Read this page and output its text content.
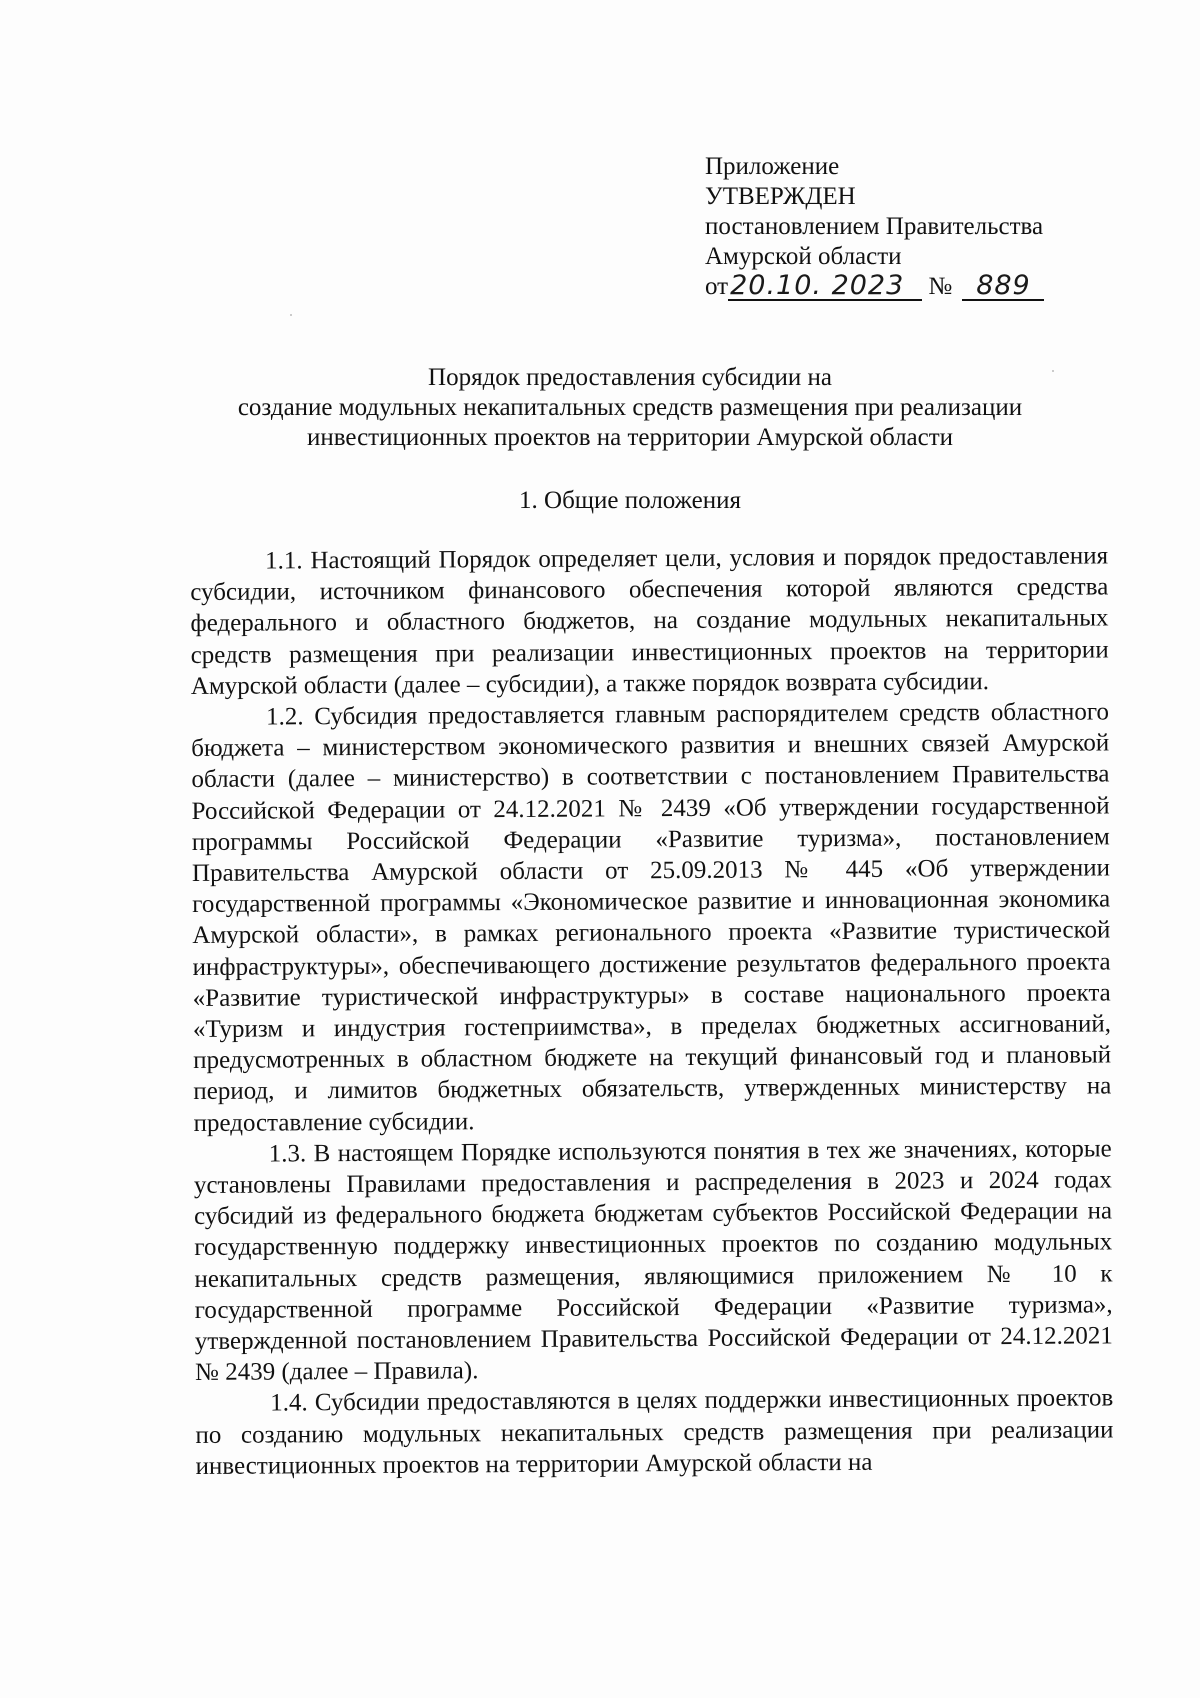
Приложение
УТВЕРЖДЕН
постановлением Правительства
Амурской области
от20.10. 2023 № 889
Порядок предоставления субсидии на
создание модульных некапитальных средств размещения при реализации
инвестиционных проектов на территории Амурской области
1. Общие положения

1.1. Настоящий Порядок определяет цели, условия и порядок предоставления субсидии, источником финансового обеспечения которой являются средства федерального и областного бюджетов, на создание модульных некапитальных средств размещения при реализации инвестиционных проектов на территории Амурской области (далее – субсидии), а также порядок возврата субсидии.

1.2. Субсидия предоставляется главным распорядителем средств областного бюджета – министерством экономического развития и внешних связей Амурской области (далее – министерство) в соответствии с постановлением Правительства Российской Федерации от 24.12.2021 № 2439 «Об утверждении государственной программы Российской Федерации «Развитие туризма», постановлением Правительства Амурской области от 25.09.2013 № 445 «Об утверждении государственной программы «Экономическое развитие и инновационная экономика Амурской области», в рамках регионального проекта «Развитие туристической инфраструктуры», обеспечивающего достижение результатов федерального проекта «Развитие туристической инфраструктуры» в составе национального проекта «Туризм и индустрия гостеприимства», в пределах бюджетных ассигнований, предусмотренных в областном бюджете на текущий финансовый год и плановый период, и лимитов бюджетных обязательств, утвержденных министерству на предоставление субсидии.

1.3. В настоящем Порядке используются понятия в тех же значениях, которые установлены Правилами предоставления и распределения в 2023 и 2024 годах субсидий из федерального бюджета бюджетам субъектов Российской Федерации на государственную поддержку инвестиционных проектов по созданию модульных некапитальных средств размещения, являющимися приложением № 10 к государственной программе Российской Федерации «Развитие туризма», утвержденной постановлением Правительства Российской Федерации от 24.12.2021 № 2439 (далее – Правила).

1.4. Субсидии предоставляются в целях поддержки инвестиционных проектов по созданию модульных некапитальных средств размещения при реализации инвестиционных проектов на территории Амурской области на
